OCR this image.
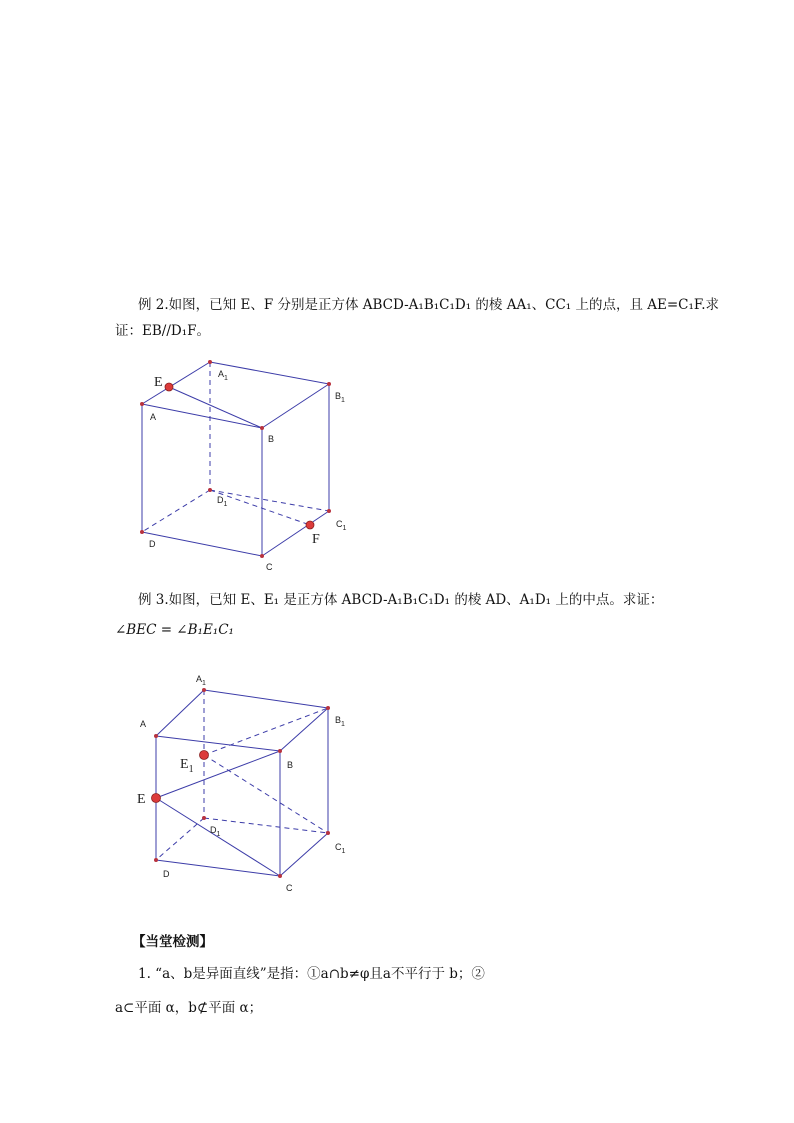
例 2.如图，已知 E、F 分别是正方体 ABCD-A₁B₁C₁D₁ 的棱 AA₁、CC₁ 上的点，且 AE=C₁F.求
证：EB//D₁F。
E
F
$A_1$
$B_1$
A
B
$D_1$
$C_1$
D
C
例 3.如图，已知 E、E₁ 是正方体 ABCD-A₁B₁C₁D₁ 的棱 AD、A₁D₁ 上的中点。求证：
∠BEC = ∠B₁E₁C₁
$A_1$
$B_1$
A
B
$E_1$
E
$D_1$
$C_1$
D
C
【当堂检测】
1. “a、b是异面直线”是指：①a∩b≠φ且a不平行于 b；②
a⊂平面 α，b⊄平面 α；
